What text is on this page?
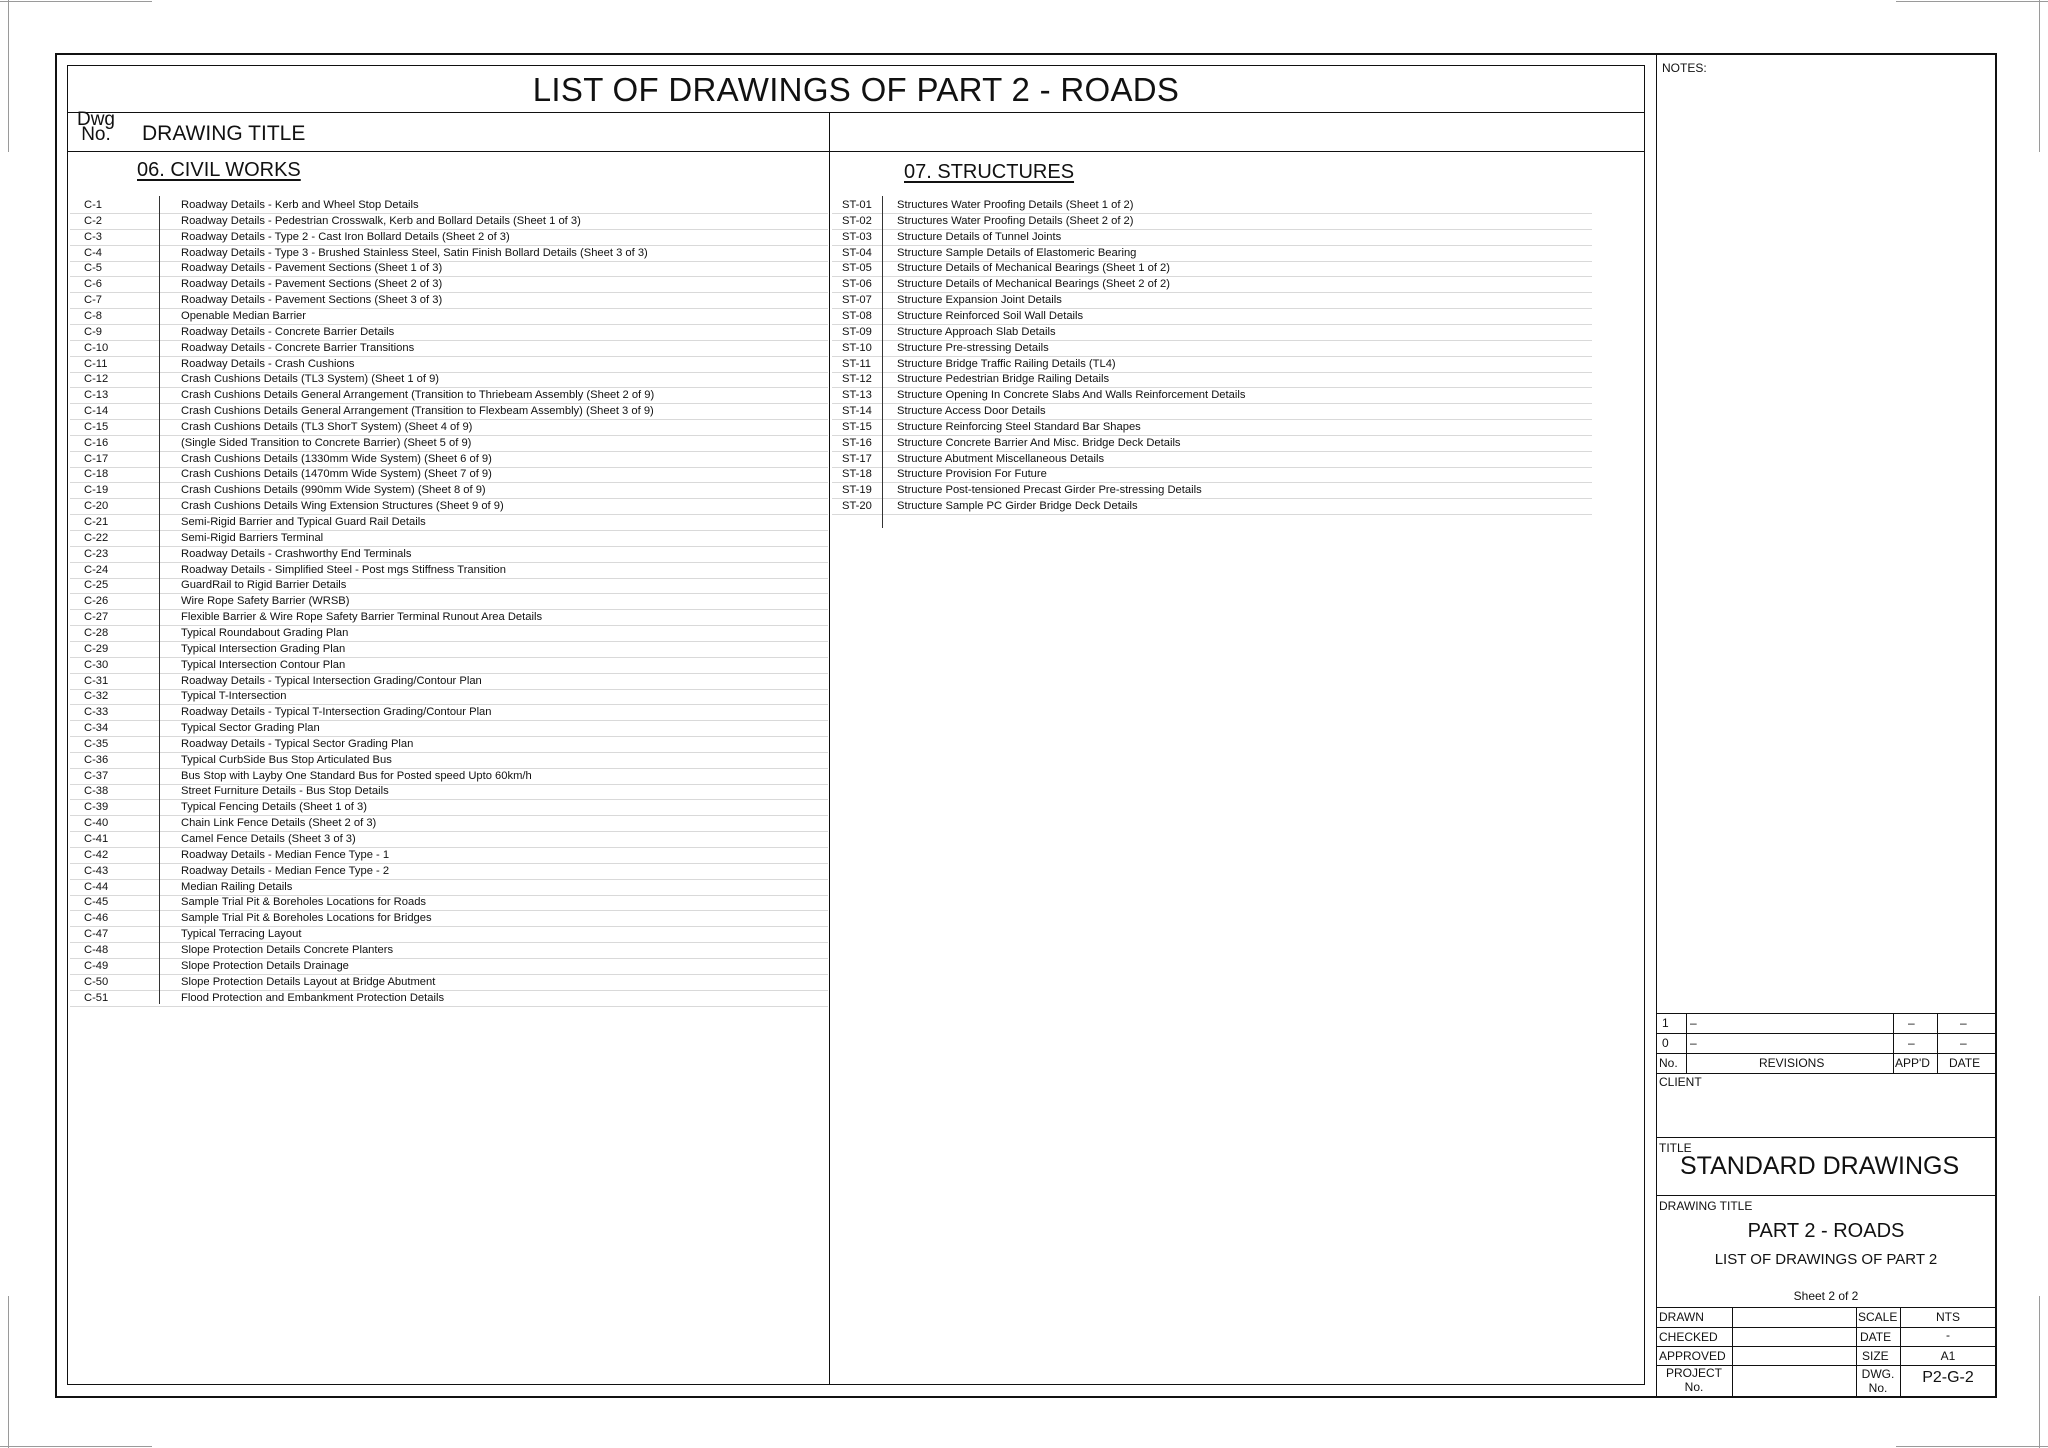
LIST OF DRAWINGS OF PART 2 - ROADS
Dwg
No.	DRAWING TITLE
06. CIVIL WORKS	07. STRUCTURES
C-1	Roadway Details - Kerb and Wheel Stop Details
C-2	Roadway Details - Pedestrian Crosswalk, Kerb and Bollard Details (Sheet 1 of 3)
C-3	Roadway Details - Type 2 - Cast Iron Bollard Details (Sheet 2 of 3)
C-4	Roadway Details - Type 3 - Brushed Stainless Steel, Satin Finish Bollard Details (Sheet 3 of 3)
C-5	Roadway Details - Pavement Sections (Sheet 1 of 3)
C-6	Roadway Details - Pavement Sections (Sheet 2 of 3)
C-7	Roadway Details - Pavement Sections (Sheet 3 of 3)
C-8	Openable Median Barrier
C-9	Roadway Details - Concrete Barrier Details
C-10	Roadway Details - Concrete Barrier Transitions
C-11	Roadway Details - Crash Cushions
C-12	Crash Cushions Details (TL3 System) (Sheet 1 of 9)
C-13	Crash Cushions Details General Arrangement (Transition to Thriebeam Assembly (Sheet 2 of 9)
C-14	Crash Cushions Details General Arrangement (Transition to Flexbeam Assembly) (Sheet 3 of 9)
C-15	Crash Cushions Details (TL3 ShorT System) (Sheet 4 of 9)
C-16	(Single Sided Transition to Concrete Barrier) (Sheet 5 of 9)
C-17	Crash Cushions Details (1330mm Wide System) (Sheet 6 of 9)
C-18	Crash Cushions Details (1470mm Wide System) (Sheet 7 of 9)
C-19	Crash Cushions Details (990mm Wide System) (Sheet 8 of 9)
C-20	Crash Cushions Details Wing Extension Structures (Sheet 9 of 9)
C-21	Semi-Rigid Barrier and Typical Guard Rail Details
C-22	Semi-Rigid Barriers Terminal
C-23	Roadway Details - Crashworthy End Terminals
C-24	Roadway Details - Simplified Steel - Post mgs Stiffness Transition
C-25	GuardRail to Rigid Barrier Details
C-26	Wire Rope Safety Barrier (WRSB)
C-27	Flexible Barrier & Wire Rope Safety Barrier Terminal Runout Area Details
C-28	Typical Roundabout Grading Plan
C-29	Typical Intersection Grading Plan
C-30	Typical Intersection Contour Plan
C-31	Roadway Details - Typical Intersection Grading/Contour Plan
C-32	Typical T-Intersection
C-33	Roadway Details - Typical T-Intersection Grading/Contour Plan
C-34	Typical Sector Grading Plan
C-35	Roadway Details - Typical Sector Grading Plan
C-36	Typical CurbSide Bus Stop Articulated Bus
C-37	Bus Stop with Layby One Standard Bus for Posted speed Upto 60km/h
C-38	Street Furniture Details - Bus Stop Details
C-39	Typical Fencing Details (Sheet 1 of 3)
C-40	Chain Link Fence Details (Sheet 2 of 3)
C-41	Camel Fence Details (Sheet 3 of 3)
C-42	Roadway Details - Median Fence Type - 1
C-43	Roadway Details - Median Fence Type - 2
C-44	Median Railing Details
C-45	Sample Trial Pit & Boreholes Locations for Roads
C-46	Sample Trial Pit & Boreholes Locations for Bridges
C-47	Typical Terracing Layout
C-48	Slope Protection Details Concrete Planters
C-49	Slope Protection Details Drainage
C-50	Slope Protection Details Layout at Bridge Abutment
C-51	Flood Protection and Embankment Protection Details
ST-01 Structures Water Proofing Details (Sheet 1 of 2)
ST-02 Structures Water Proofing Details (Sheet 2 of 2)
ST-03 Structure Details of Tunnel Joints
ST-04 Structure Sample Details of Elastomeric Bearing
ST-05 Structure Details of Mechanical Bearings (Sheet 1 of 2)
ST-06 Structure Details of Mechanical Bearings (Sheet 2 of 2)
ST-07 Structure Expansion Joint Details
ST-08 Structure Reinforced Soil Wall Details
ST-09 Structure Approach Slab Details
ST-10 Structure Pre-stressing Details
ST-11 Structure Bridge Traffic Railing Details (TL4)
ST-12 Structure Pedestrian Bridge Railing Details
ST-13 Structure Opening In Concrete Slabs And Walls Reinforcement Details
ST-14 Structure Access Door Details
ST-15 Structure Reinforcing Steel Standard Bar Shapes
ST-16 Structure Concrete Barrier And Misc. Bridge Deck Details
ST-17 Structure Abutment Miscellaneous Details
ST-18 Structure Provision For Future
ST-19 Structure Post-tensioned Precast Girder Pre-stressing Details
ST-20 Structure Sample PC Girder Bridge Deck Details
NOTES:
1 –	–	–
0 –	–	–
No.	REVISIONS	APP'D DATE
CLIENT
TITLE
STANDARD DRAWINGS
DRAWING TITLE
PART 2 - ROADS
LIST OF DRAWINGS OF PART 2
Sheet 2 of 2
DRAWN
CHECKED
APPROVED
PROJECT
No.
SCALE	NTS
DATE	-
SIZE	A1
DWG.
No.
P2-G-2
